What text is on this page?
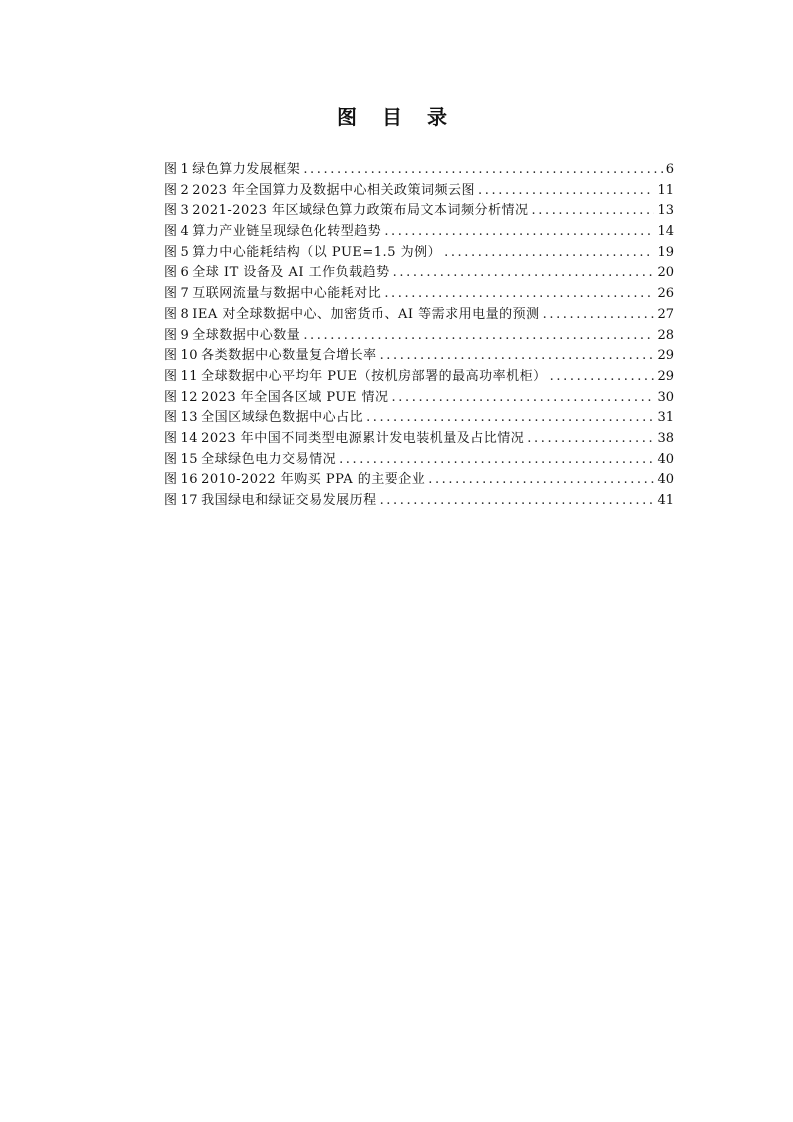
图 目 录
图 1 绿色算力发展框架 .....	6
图 2 2023 年全国算力及数据中心相关政策词频云图 .....	11
图 3 2021-2023 年区域绿色算力政策布局文本词频分析情况 .....	13
图 4 算力产业链呈现绿色化转型趋势 .....	14
图 5 算力中心能耗结构（以 PUE=1.5 为例） .....	19
图 6 全球 IT 设备及 AI 工作负载趋势 .....	20
图 7 互联网流量与数据中心能耗对比 .....	26
图 8 IEA 对全球数据中心、加密货币、AI 等需求用电量的预测 .....	27
图 9 全球数据中心数量 .....	28
图 10 各类数据中心数量复合增长率 .....	29
图 11 全球数据中心平均年 PUE（按机房部署的最高功率机柜） .....	29
图 12 2023 年全国各区域 PUE 情况 .....	30
图 13 全国区域绿色数据中心占比 .....	31
图 14 2023 年中国不同类型电源累计发电装机量及占比情况 .....	38
图 15 全球绿色电力交易情况 .....	40
图 16 2010-2022 年购买 PPA 的主要企业 .....	40
图 17 我国绿电和绿证交易发展历程 .....	41
